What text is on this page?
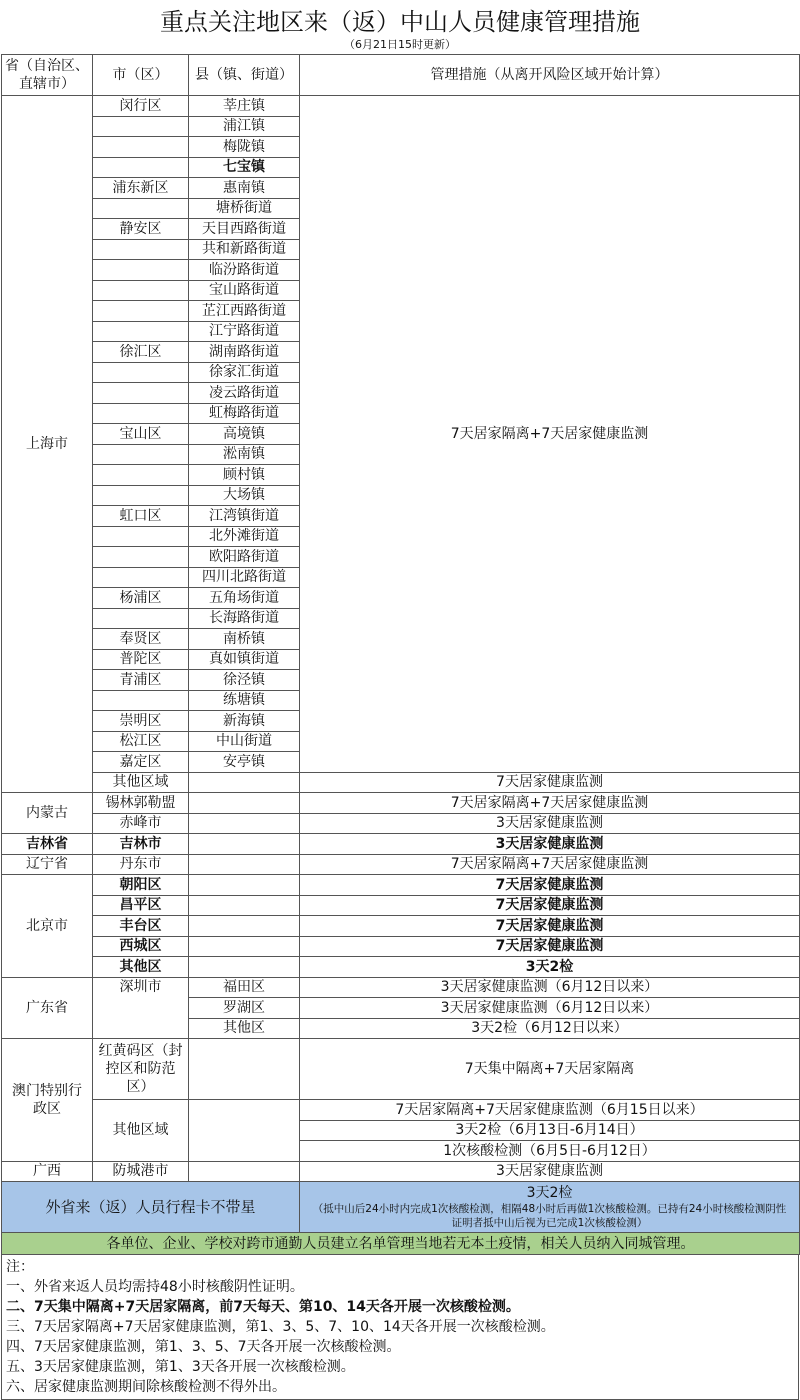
重点关注地区来（返）中山人员健康管理措施
（6月21日15时更新）
省（自治区、直辖市）	市（区）	县（镇、街道）	管理措施（从离开风险区域开始计算）
上海市	闵行区	莘庄镇	7天居家隔离+7天居家健康监测
		浦江镇	
		梅陇镇	
		七宝镇	
	浦东新区	惠南镇	
		塘桥街道	
	静安区	天目西路街道	
		共和新路街道	
		临汾路街道	
		宝山路街道	
		芷江西路街道	
		江宁路街道	
	徐汇区	湖南路街道	
		徐家汇街道	
		凌云路街道	
		虹梅路街道	
	宝山区	高境镇	
		淞南镇	
		顾村镇	
		大场镇	
	虹口区	江湾镇街道	
		北外滩街道	
		欧阳路街道	
		四川北路街道	
	杨浦区	五角场街道	
		长海路街道	
	奉贤区	南桥镇	
	普陀区	真如镇街道	
	青浦区	徐泾镇	
		练塘镇	
	崇明区	新海镇	
	松江区	中山街道	
	嘉定区	安亭镇	
	其他区域		7天居家健康监测
内蒙古	锡林郭勒盟		7天居家隔离+7天居家健康监测
	赤峰市		3天居家健康监测
吉林省	吉林市		3天居家健康监测
辽宁省	丹东市		7天居家隔离+7天居家健康监测
北京市	朝阳区		7天居家健康监测
	昌平区		7天居家健康监测
	丰台区		7天居家健康监测
	西城区		7天居家健康监测
	其他区		3天2检
广东省	深圳市	福田区	3天居家健康监测（6月12日以来）
		罗湖区	3天居家健康监测（6月12日以来）
		其他区	3天2检（6月12日以来）
澳门特别行政区	红黄码区（封控区和防范区）		7天集中隔离+7天居家隔离
	其他区域		7天居家隔离+7天居家健康监测（6月15日以来）
			3天2检（6月13日-6月14日）
			1次核酸检测（6月5日-6月12日）
广西	防城港市		3天居家健康监测
外省来（返）人员行程卡不带星			3天2检
（抵中山后24小时内完成1次核酸检测，相隔48小时后再做1次核酸检测。已持有24小时核酸检测阴性证明者抵中山后视为已完成1次核酸检测）

各单位、企业、学校对跨市通勤人员建立名单管理当地若无本土疫情，相关人员纳入同城管理。			
注：
一、外省来返人员均需持48小时核酸阴性证明。
二、7天集中隔离+7天居家隔离，前7天每天、第10、14天各开展一次核酸检测。
三、7天居家隔离+7天居家健康监测，第1、3、5、7、10、14天各开展一次核酸检测。
四、7天居家健康监测，第1、3、5、7天各开展一次核酸检测。
五、3天居家健康监测，第1、3天各开展一次核酸检测。
六、居家健康监测期间除核酸检测不得外出。
